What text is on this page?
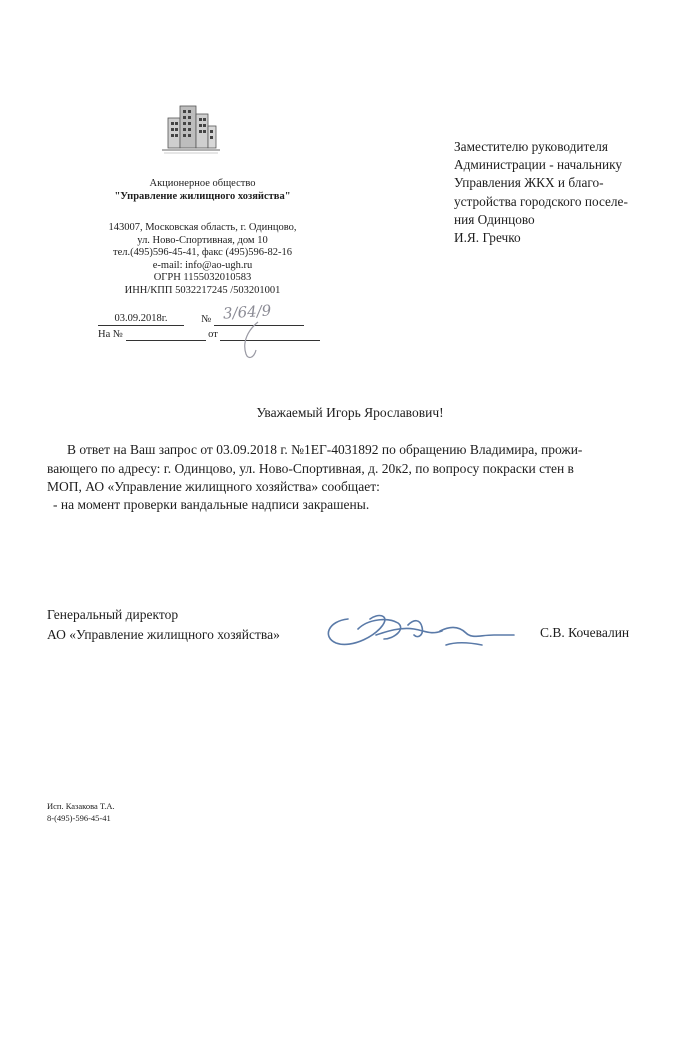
Акционерное общество
"Управление жилищного хозяйства"
143007, Московская область, г. Одинцово,
ул. Ново-Спортивная, дом 10
тел.(495)596-45-41, факс (495)596-82-16
e-mail: info@ao-ugh.ru
ОГРН 1155032010583
ИНН/КПП 5032217245 /503201001
03.09.2018г.	№ 3/64/9
На №	от
Заместителю руководителя
Администрации - начальнику
Управления ЖКХ и благо-
устройства городского поселе-
ния Одинцово
И.Я. Гречко
Уважаемый Игорь Ярославович!
В ответ на Ваш запрос от 03.09.2018 г. №1ЕГ-4031892 по обращению Владимира, прожи-
вающего по адресу: г. Одинцово, ул. Ново-Спортивная, д. 20к2, по вопросу покраски стен в
МОП, АО «Управление жилищного хозяйства» сообщает:
- на момент проверки вандальные надписи закрашены.
Генеральный директор
АО «Управление жилищного хозяйства»	С.В. Кочевалин
Исп. Казакова Т.А.
8-(495)-596-45-41
